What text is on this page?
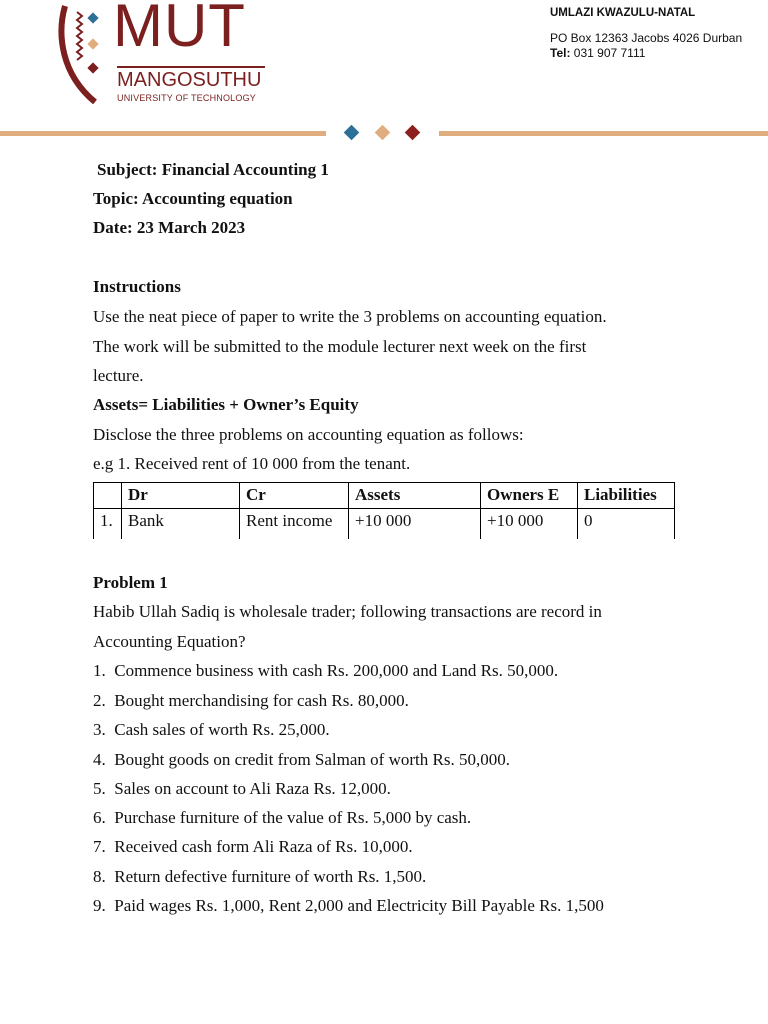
MUT
MANGOSUTHU
UNIVERSITY OF TECHNOLOGY
UMLAZI KWAZULU-NATAL
PO Box 12363 Jacobs 4026 Durban
Tel: 031 907 7111
Subject: Financial Accounting 1
Topic: Accounting equation
Date: 23 March 2023
Instructions
Use the neat piece of paper to write the 3 problems on accounting equation.
The work will be submitted to the module lecturer next week on the first
lecture.
Assets= Liabilities + Owner’s Equity
Disclose the three problems on accounting equation as follows:
e.g 1. Received rent of 10 000 from the tenant.
	Dr	Cr	Assets	Owners E	Liabilities
1.	Bank	Rent income	+10 000	+10 000	0
Problem 1
Habib Ullah Sadiq is wholesale trader; following transactions are record in
Accounting Equation?
1. Commence business with cash Rs. 200,000 and Land Rs. 50,000.
2. Bought merchandising for cash Rs. 80,000.
3. Cash sales of worth Rs. 25,000.
4. Bought goods on credit from Salman of worth Rs. 50,000.
5. Sales on account to Ali Raza Rs. 12,000.
6.  Purchase furniture of the value of Rs. 5,000 by cash.
7.  Received cash form Ali Raza of Rs. 10,000.
8. Return defective furniture of worth Rs. 1,500.
9. Paid wages Rs. 1,000, Rent 2,000 and Electricity Bill Payable Rs. 1,500
